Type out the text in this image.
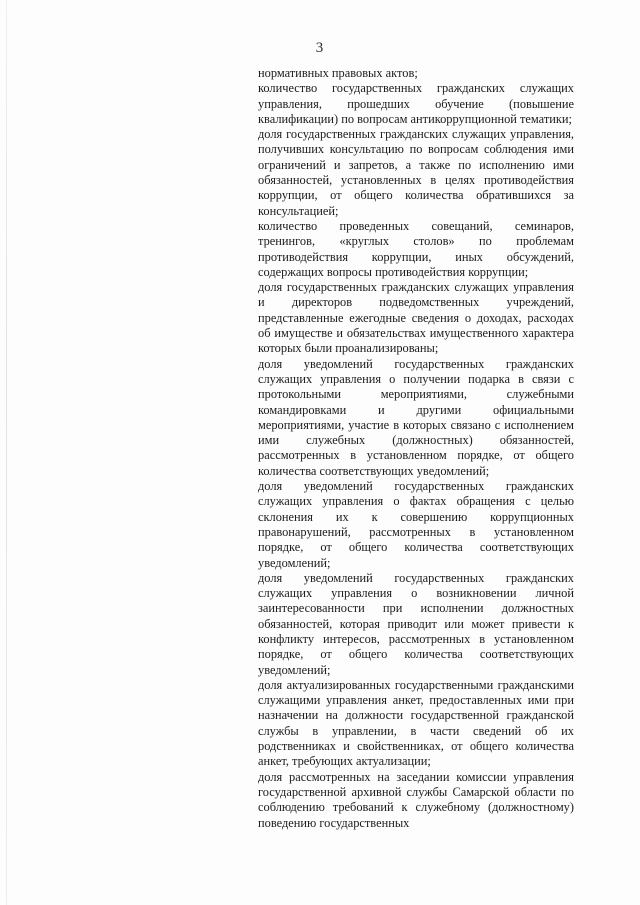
3

нормативных правовых актов;

количество государственных гражданских служащих управления, прошедших обучение (повышение квалификации) по вопросам антикоррупционной тематики;

доля государственных гражданских служащих управления, получивших консультацию по вопросам соблюдения ими ограничений и запретов, а также по исполнению ими обязанностей, установленных в целях противодействия коррупции, от общего количества обратившихся за консультацией;

количество проведенных совещаний, семинаров, тренингов, «круглых столов» по проблемам противодействия коррупции, иных обсуждений, содержащих вопросы противодействия коррупции;

доля государственных гражданских служащих управления и директоров подведомственных учреждений, представленные ежегодные сведения о доходах, расходах об имуществе и обязательствах имущественного характера которых были проанализированы;

доля уведомлений государственных гражданских служащих управления о получении подарка в связи с протокольными мероприятиями, служебными командировками и другими официальными мероприятиями, участие в которых связано с исполнением ими служебных (должностных) обязанностей, рассмотренных в установленном порядке, от общего количества соответствующих уведомлений;

доля уведомлений государственных гражданских служащих управления о фактах обращения с целью склонения их к совершению коррупционных правонарушений, рассмотренных в установленном порядке, от общего количества соответствующих уведомлений;

доля уведомлений государственных гражданских служащих управления о возникновении личной заинтересованности при исполнении должностных обязанностей, которая приводит или может привести к конфликту интересов, рассмотренных в установленном порядке, от общего количества соответствующих уведомлений;

доля актуализированных государственными гражданскими служащими управления анкет, предоставленных ими при назначении на должности государственной гражданской службы в управлении, в части сведений об их родственниках и свойственниках, от общего количества анкет, требующих актуализации;

доля рассмотренных на заседании комиссии управления государственной архивной службы Самарской области по соблюдению требований к служебному (должностному) поведению государственных
